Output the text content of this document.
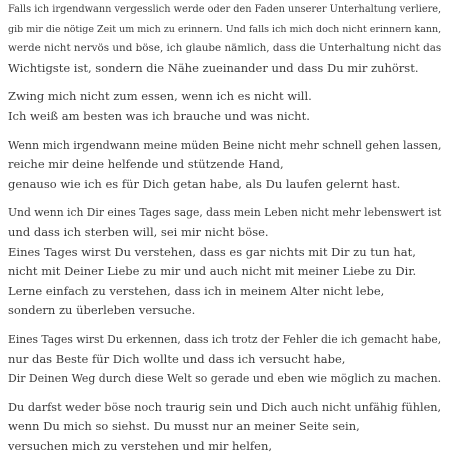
Falls ich irgendwann vergesslich werde oder den Faden unserer Unterhaltung verliere,
gib mir die nötige Zeit um mich zu erinnern. Und falls ich mich doch nicht erinnern kann,
werde nicht nervös und böse, ich glaube nämlich, dass die Unterhaltung nicht das
Wichtigste ist, sondern die Nähe zueinander und dass Du mir zuhörst.

Zwing mich nicht zum essen, wenn ich es nicht will.
Ich weiß am besten was ich brauche und was nicht.

Wenn mich irgendwann meine müden Beine nicht mehr schnell gehen lassen,
reiche mir deine helfende und stützende Hand,
genauso wie ich es für Dich getan habe, als Du laufen gelernt hast.

Und wenn ich Dir eines Tages sage, dass mein Leben nicht mehr lebenswert ist
und dass ich sterben will, sei mir nicht böse.
Eines Tages wirst Du verstehen, dass es gar nichts mit Dir zu tun hat,
nicht mit Deiner Liebe zu mir und auch nicht mit meiner Liebe zu Dir.
Lerne einfach zu verstehen, dass ich in meinem Alter nicht lebe,
sondern zu überleben versuche.

Eines Tages wirst Du erkennen, dass ich trotz der Fehler die ich gemacht habe,
nur das Beste für Dich wollte und dass ich versucht habe,
Dir Deinen Weg durch diese Welt so gerade und eben wie möglich zu machen.

Du darfst weder böse noch traurig sein und Dich auch nicht unfähig fühlen,
wenn Du mich so siehst. Du musst nur an meiner Seite sein,
versuchen mich zu verstehen und mir helfen,
